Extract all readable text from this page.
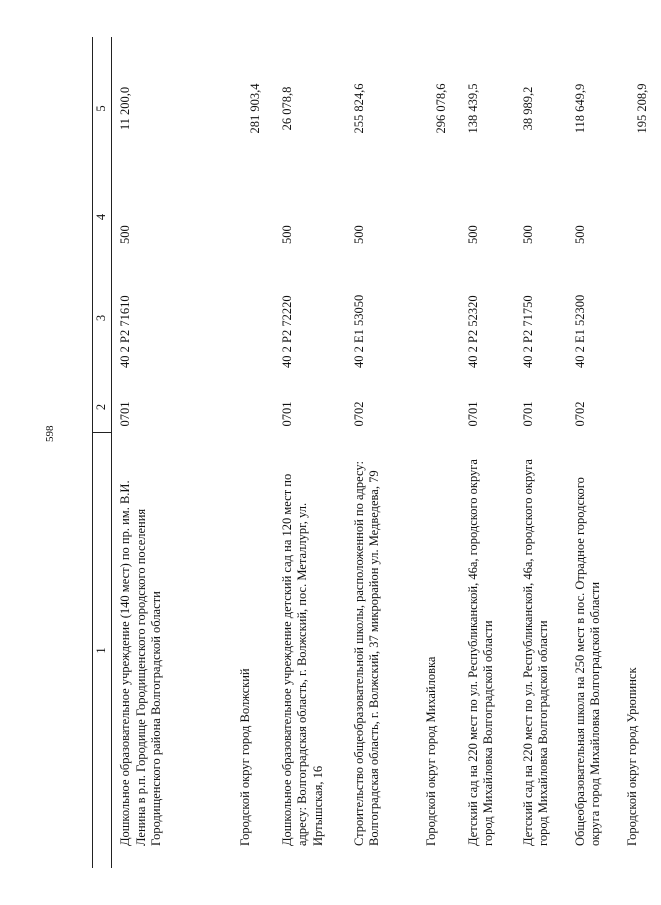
598
1	2	3	4	5
Дошкольное образовательное учреждение (140 мест) по пр. им. В.И. Ленина в р.п. Городище Городищенского городского поселения Городищенского района Волгоградской области	0701	40 2 P2 71610	500	11 200,0
Городской округ город Волжский				281 903,4
Дошкольное образовательное учреждение детский сад на 120 мест по адресу: Волгоградская область, г. Волжский, пос. Металлург, ул. Иртышская, 16	0701	40 2 P2 72220	500	26 078,8
Строительство общеобразовательной школы, расположенной по адресу: Волгоградская область, г. Волжский, 37 микрорайон ул. Медведева, 79	0702	40 2 E1 53050	500	255 824,6
Городской округ город Михайловка				296 078,6
Детский сад на 220 мест по ул. Республиканской, 46а, городского округа город Михайловка Волгоградской области	0701	40 2 P2 52320	500	138 439,5
Детский сад на 220 мест по ул. Республиканской, 46а, городского округа город Михайловка Волгоградской области	0701	40 2 P2 71750	500	38 989,2
Общеобразовательная школа на 250 мест в пос. Отрадное городского округа город Михайловка Волгоградской области	0702	40 2 E1 52300	500	118 649,9
Городской округ город Урюпинск				195 208,9
